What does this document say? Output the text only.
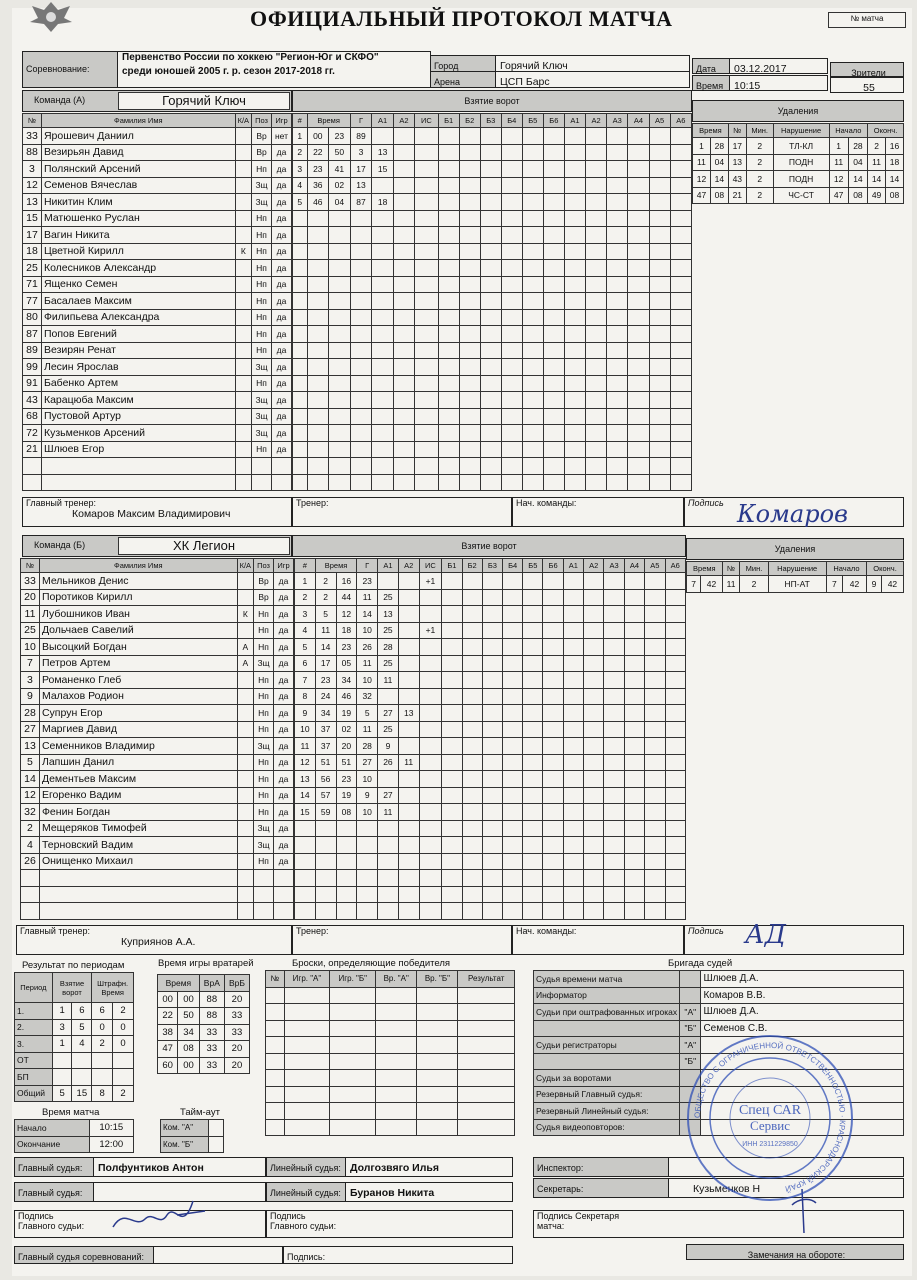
ОФИЦИАЛЬНЫЙ ПРОТОКОЛ МАТЧА	№ матча
Соревнование:
Первенство России по хоккею "Регион-Юг и СКФО"
среди юношей 2005 г. р. сезон 2017-2018 гг.	Город	Горячий Ключ
Арена	ЦСП Барс
Дата	03.12.2017
Время	10:15
Зрители
55
Команда (А)	Горячий Ключ	Взятие ворот
Удаления
№	Фамилия Имя	К/А	Поз	Игр
33	Ярошевич Даниил		Вр	нет
88	Везирьян Давид		Вр	да
3	Полянский Арсений		Нп	да
12	Семенов Вячеслав		Зщ	да
13	Никитин Клим		Зщ	да
15	Матюшенко Руслан		Нп	да
17	Вагин Никита		Нп	да
18	Цветной Кирилл	К	Нп	да
25	Колесников Александр		Нп	да
71	Ященко Семен		Нп	да
77	Басалаев Максим		Нп	да
80	Филипьева Александра		Нп	да
87	Попов Евгений		Нп	да
89	Везирян Ренат		Нп	да
99	Лесин Ярослав		Зщ	да
91	Бабенко Артем		Нп	да
43	Карацюба Максим		Зщ	да
68	Пустовой Артур		Зщ	да
72	Кузьменков Арсений		Зщ	да
21	Шлюев Егор		Нп	да

#	Время		Г	А1	А2	ИС	Б1	Б2	Б3	Б4	Б5	Б6	А1	А2	А3	А4	А5	А6
1	00	23	89															
2	22	50	3	13														
3	23	41	17	15														
4	36	02	13															
5	46	04	87	18														

Время		№	Мин.	Нарушение	Начало		Оконч.	
1	28	17	2	ТЛ-КЛ	1	28	2	16
11	04	13	2	ПОДН	11	04	11	18
12	14	43	2	ПОДН	12	14	14	14
47	08	21	2	ЧС-СТ	47	08	49	08
Главный тренер:
Комаров Максим Владимирович
Тренер:	Нач. команды:	Подпись Комаров
Команда (Б)	ХК Легион	Взятие ворот	Удаления
№	Фамилия Имя	К/А	Поз	Игр
33	Мельников Денис		Вр	да
20	Поротиков Кирилл		Вр	да
11	Лубошников Иван	К	Нп	да
25	Дольчаев Савелий		Нп	да
10	Высоцкий Богдан	А	Нп	да
7	Петров Артем	А	Зщ	да
3	Романенко Глеб		Нп	да
9	Малахов Родион		Нп	да
28	Супрун Егор		Нп	да
27	Маргиев Давид		Нп	да
13	Семенников Владимир		Зщ	да
5	Лапшин Данил		Нп	да
14	Дементьев Максим		Нп	да
12	Егоренко Вадим		Нп	да
32	Фенин Богдан		Нп	да
2	Мещеряков Тимофей		Зщ	да
4	Терновский Вадим		Зщ	да
26	Онищенко Михаил		Нп	да

#	Время		Г	А1	А2	ИС	Б1	Б2	Б3	Б4	Б5	Б6	А1	А2	А3	А4	А5	А6
1	2	16	23			+1												
2	2	44	11	25														
3	5	12	14	13														
4	11	18	10	25		+1												
5	14	23	26	28														
6	17	05	11	25														
7	23	34	10	11														
8	24	46	32															
9	34	19	5	27	13													
10	37	02	11	25														
11	37	20	28	9														
12	51	51	27	26	11													
13	56	23	10															
14	57	19	9	27														
15	59	08	10	11														

Время		№	Мин.	Нарушение	Начало		Оконч.	
7	42	11	2	НП-АТ	7	42	9	42
Главный тренер:
Куприянов А.А.
Тренер:	Нач. команды:	Подпись АД
Результат по периодам
Период	Взятие ворот		Штрафн. Время	
1.	1	6	6	2
2.	3	5	0	0
3.	1	4	2	0
ОТ				
БП				
Общий	5	15	8	2
Время игры вратарей
Время		ВрА	ВрБ
00	00	88	20
22	50	88	33
38	34	33	33
47	08	33	20
60	00	33	20
Броски, определяющие победителя
№	Игр. "А"	Игр. "Б"	Вр. "А"	Вр. "Б"	Результат

Время матча
Начало	10:15
Окончание	12:00
Тайм-аут
Ком. "А"	
Ком. "Б"	
Бригада судей
Судья времени матча		Шлюев Д.А.
Информатор		Комаров В.В.
Судьи при оштрафованных игроках	"А"	Шлюев Д.А.
	"Б"	Семенов С.В.
Судьи регистраторы	"А"	
	"Б"	
Судьи за воротами		
Резервный Главный судья:		
Резервный Линейный судья:		
Судья видеоповторов:		
Главный судья:	Полфунтиков Антон
Главный судья:
Линейный судья: Долгозвяго Илья
Линейный судья: Буранов Никита
Подпись Главного судьи:
Подпись Главного судьи:
Главный судья соревнований:	Подпись:
Инспектор:
Секретарь:	Кузьменков Н
Подпись Секретаря матча:
Замечания на обороте:
ОБЩЕСТВО С ОГРАНИЧЕННОЙ ОТВЕТСТВЕННОСТЬЮ · КРАСНОДАРСКИЙ КРАЙ
Спец САR
Сервис
ИНН 2311229850
